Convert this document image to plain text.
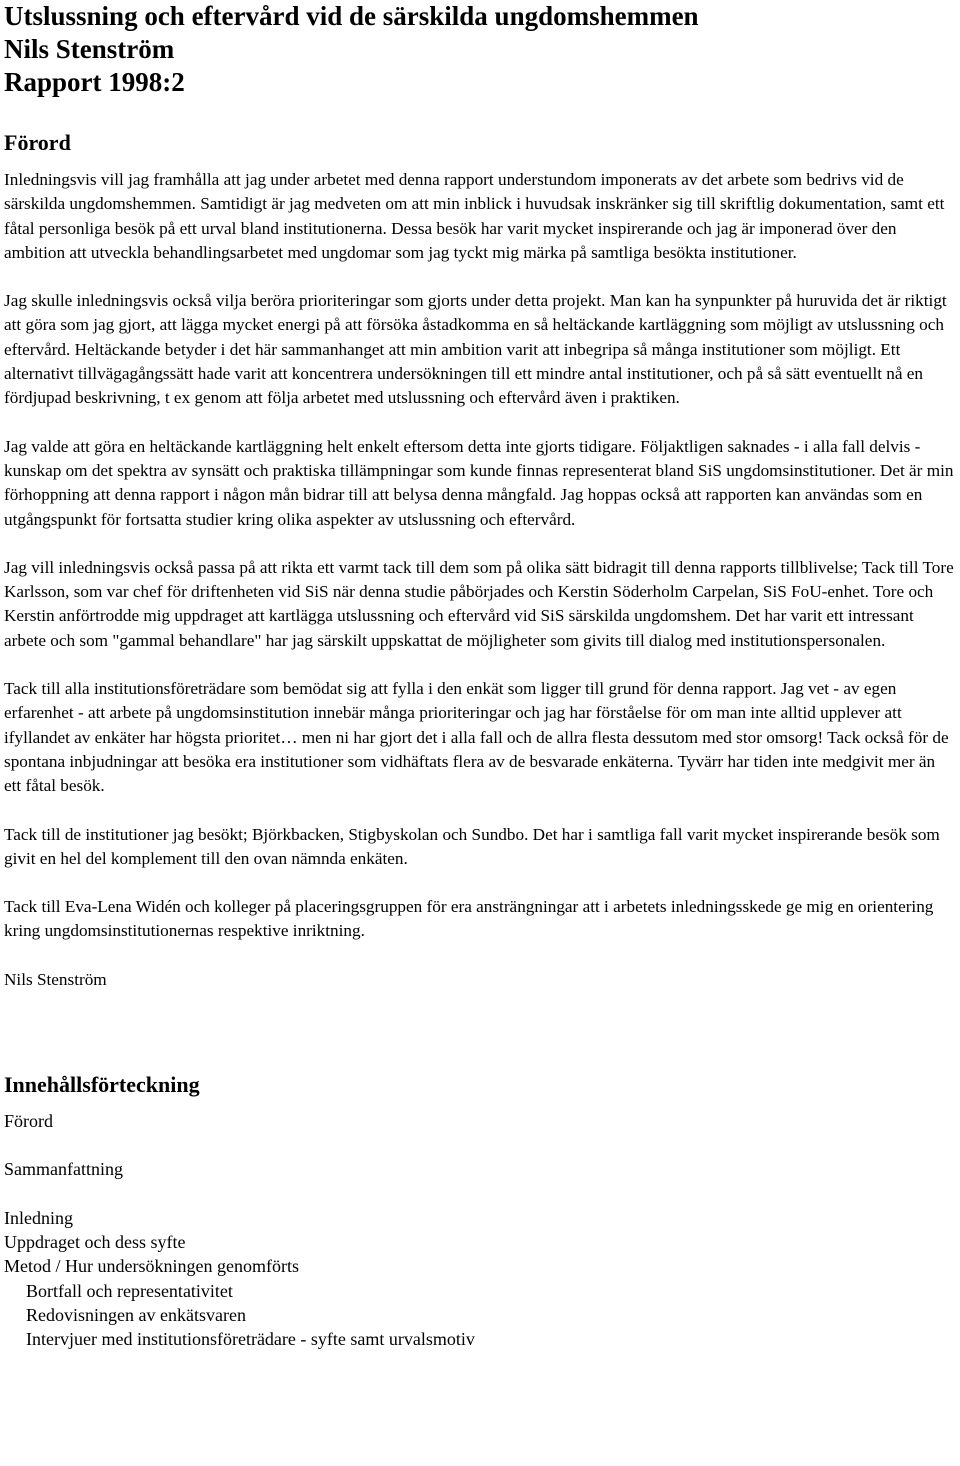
Utslussning och eftervård vid de särskilda ungdomshemmen
Nils Stenström
Rapport 1998:2
Förord

Inledningsvis vill jag framhålla att jag under arbetet med denna rapport understundom imponerats av det arbete som bedrivs vid de särskilda ungdomshemmen. Samtidigt är jag medveten om att min inblick i huvudsak inskränker sig till skriftlig dokumentation, samt ett fåtal personliga besök på ett urval bland institutionerna. Dessa besök har varit mycket inspirerande och jag är imponerad över den ambition att utveckla behandlingsarbetet med ungdomar som jag tyckt mig märka på samtliga besökta institutioner.

Jag skulle inledningsvis också vilja beröra prioriteringar som gjorts under detta projekt. Man kan ha synpunkter på huruvida det är riktigt att göra som jag gjort, att lägga mycket energi på att försöka åstadkomma en så heltäckande kartläggning som möjligt av utslussning och eftervård. Heltäckande betyder i det här sammanhanget att min ambition varit att inbegripa så många institutioner som möjligt. Ett alternativt tillvägagångssätt hade varit att koncentrera undersökningen till ett mindre antal institutioner, och på så sätt eventuellt nå en fördjupad beskrivning, t ex genom att följa arbetet med utslussning och eftervård även i praktiken.

Jag valde att göra en heltäckande kartläggning helt enkelt eftersom detta inte gjorts tidigare. Följaktligen saknades - i alla fall delvis - kunskap om det spektra av synsätt och praktiska tillämpningar som kunde finnas representerat bland SiS ungdomsinstitutioner. Det är min förhoppning att denna rapport i någon mån bidrar till att belysa denna mångfald. Jag hoppas också att rapporten kan användas som en utgångspunkt för fortsatta studier kring olika aspekter av utslussning och eftervård.

Jag vill inledningsvis också passa på att rikta ett varmt tack till dem som på olika sätt bidragit till denna rapports tillblivelse; Tack till Tore Karlsson, som var chef för driftenheten vid SiS när denna studie påbörjades och Kerstin Söderholm Carpelan, SiS FoU-enhet. Tore och Kerstin anförtrodde mig uppdraget att kartlägga utslussning och eftervård vid SiS särskilda ungdomshem. Det har varit ett intressant arbete och som "gammal behandlare" har jag särskilt uppskattat de möjligheter som givits till dialog med institutionspersonalen.

Tack till alla institutionsföreträdare som bemödat sig att fylla i den enkät som ligger till grund för denna rapport. Jag vet - av egen erfarenhet - att arbete på ungdomsinstitution innebär många prioriteringar och jag har förståelse för om man inte alltid upplever att ifyllandet av enkäter har högsta prioritet… men ni har gjort det i alla fall och de allra flesta dessutom med stor omsorg! Tack också för de spontana inbjudningar att besöka era institutioner som vidhäftats flera av de besvarade enkäterna. Tyvärr har tiden inte medgivit mer än ett fåtal besök.

Tack till de institutioner jag besökt; Björkbacken, Stigbyskolan och Sundbo. Det har i samtliga fall varit mycket inspirerande besök som givit en hel del komplement till den ovan nämnda enkäten.

Tack till Eva-Lena Widén och kolleger på placeringsgruppen för era ansträngningar att i arbetets inledningsskede ge mig en orientering kring ungdomsinstitutionernas respektive inriktning.

Nils Stenström

Innehållsförteckning
Förord
Sammanfattning
Inledning
Uppdraget och dess syfte
Metod / Hur undersökningen genomförts
Bortfall och representativitet
Redovisningen av enkätsvaren
Intervjuer med institutionsföreträdare - syfte samt urvalsmotiv
